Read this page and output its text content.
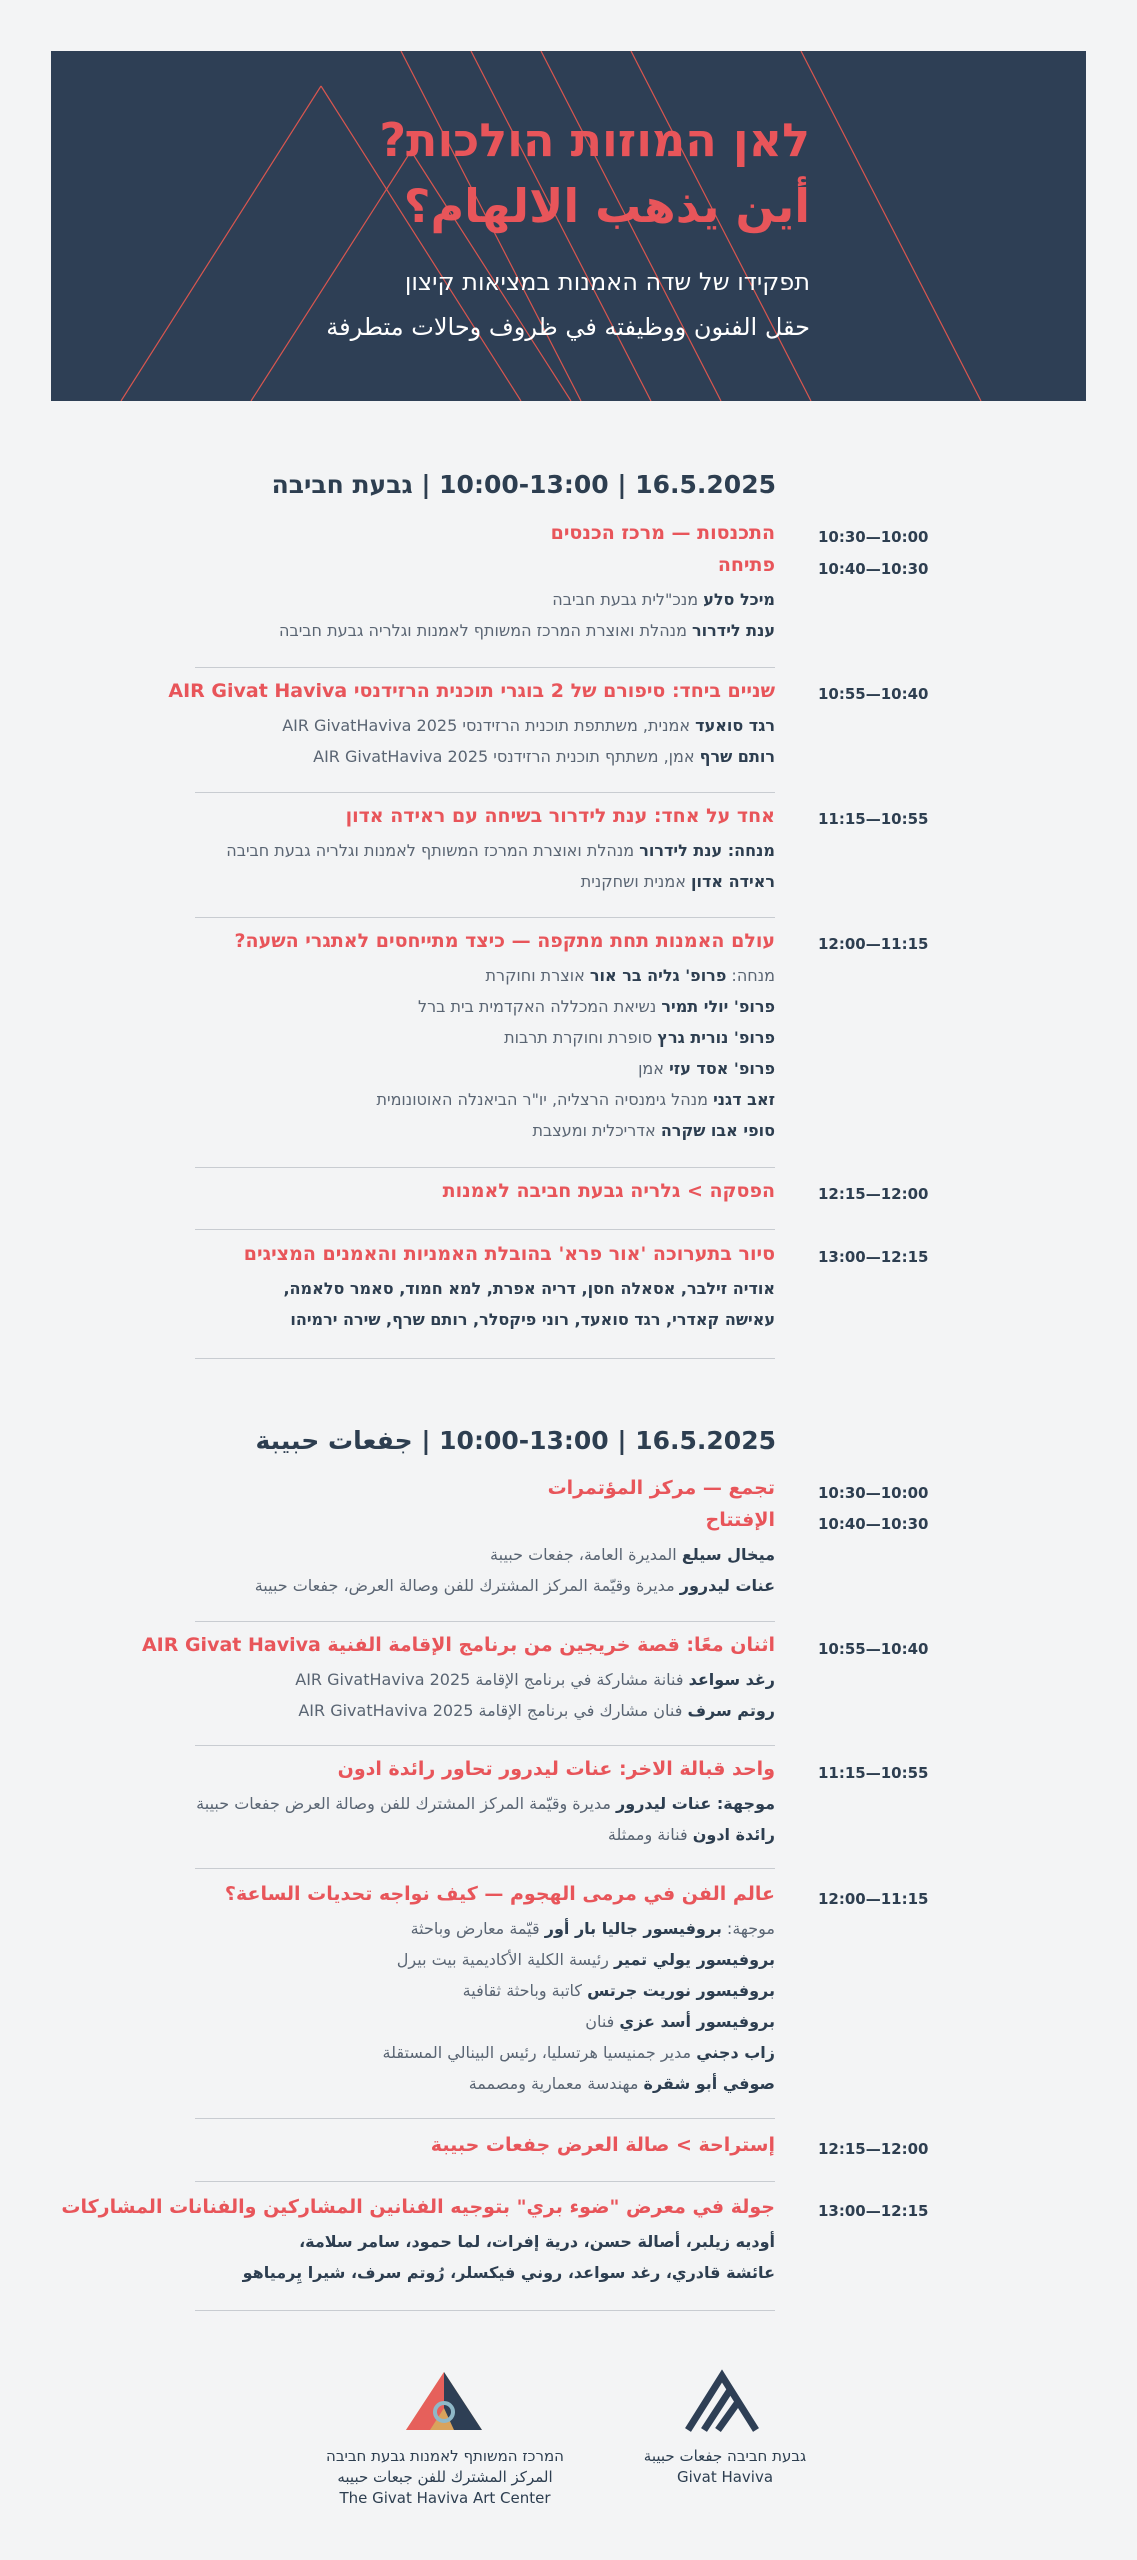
לאן המוזות הולכות?
أين يذهب الالهام؟
תפקידו של שדה האמנות במציאות קיצון
حقل الفنون ووظيفته في ظروف وحالات متطرفة
16.5.2025 | 10:00-13:00 | גבעת חביבה
10:30—10:00
10:40—10:30
התכנסות — מרכז הכנסים
פתיחה
מיכל סלע מנכ"לית גבעת חביבה
ענת לידרור מנהלת ואוצרת המרכז המשותף לאמנות וגלריה גבעת חביבה
10:55—10:40
שניים ביחד: סיפורם של 2 בוגרי תוכנית הרזידנסי AIR Givat Haviva
רגד סואעד אמנית, משתתפת תוכנית הרזידנסי AIR GivatHaviva 2025
רותם שרף אמן, משתתף תוכנית הרזידנסי AIR GivatHaviva 2025
11:15—10:55
אחד על אחד: ענת לידרור בשיחה עם ראידה אדון
מנחה: ענת לידרור מנהלת ואוצרת המרכז המשותף לאמנות וגלריה גבעת חביבה
ראידה אדון אמנית ושחקנית
12:00—11:15
עולם האמנות תחת מתקפה — כיצד מתייחסים לאתגרי השעה?
מנחה: פרופ' גליה בר אור אוצרת וחוקרת
פרופ' יולי תמיר נשיאת המכללה האקדמית בית ברל
פרופ' נורית גרץ סופרת וחוקרת תרבות
פרופ' אסד עזי אמן
זאב דגני מנהל גימנסיה הרצליה, יו"ר הביאנלה האוטונומית
סופי אבו שקרה אדריכלית ומעצבת
12:15—12:00
הפסקה > גלריה גבעת חביבה לאמנות
13:00—12:15
סיור בתערוכה 'אור פרא' בהובלת האמניות והאמנים המציגים
אודיה זילבר, אסאלה חסן, דריה אפרת, למא חמוד, סאמר סלאמה,
עאישה קאדרי, רגד סואעד, רוני פיקסלר, רותם שרף, שירה ירמיהו
16.5.2025 | 10:00-13:00 | جفعات حبيبة
10:30—10:00
10:40—10:30
تجمع — مركز المؤتمرات
الإفتتاح
ميخال سيلع المديرة العامة، جفعات حبيبة
عنات ليدرور مديرة وقيّمة المركز المشترك للفن وصالة العرض، جفعات حبيبة
10:55—10:40
اثنان معًا: قصة خريجين من برنامج الإقامة الفنية AIR Givat Haviva
رغد سواعد فنانة مشاركة في برنامج الإقامة AIR GivatHaviva 2025
روتم سرف فنان مشارك في برنامج الإقامة AIR GivatHaviva 2025
11:15—10:55
واحد قبالة الاخر: عنات ليدرور تحاور رائدة ادون
موجهة: عنات ليدرور مديرة وقيّمة المركز المشترك للفن وصالة العرض جفعات حبيبة
رائدة ادون فنانة وممثلة
12:00—11:15
عالم الفن في مرمى الهجوم — كيف نواجه تحديات الساعة؟
موجهة: بروفيسور جاليا بار أور قيّمة معارض وباحثة
بروفيسور يولي تمير رئيسة الكلية الأكاديمية بيت بيرل
بروفيسور نوريت جرتس كاتبة وباحثة ثقافية
بروفيسور أسد عزي فنان
زاب دجني مدير جمنيسيا هرتسليا، رئيس البينالي المستقلة
صوفي أبو شقرة مهندسة معمارية ومصممة
12:15—12:00
إستراحة > صالة العرض جفعات حبيبة
13:00—12:15
جولة في معرض "ضوء بري" بتوجيه الفنانين المشاركين والفنانات المشاركات
أوديه زيلبر، أصالة حسن، درية إفرات، لما حمود، سامر سلامة،
عائشة قادري، رغد سواعد، روني فيكسلر، رُوتم سرف، شيرا يِرمياهو
המרכז המשותף לאמנות גבעת חביבה
المركز المشترك للفن جبعات حبيبه
The Givat Haviva Art Center
גבעת חביבה جفعات حبيبة
Givat Haviva
